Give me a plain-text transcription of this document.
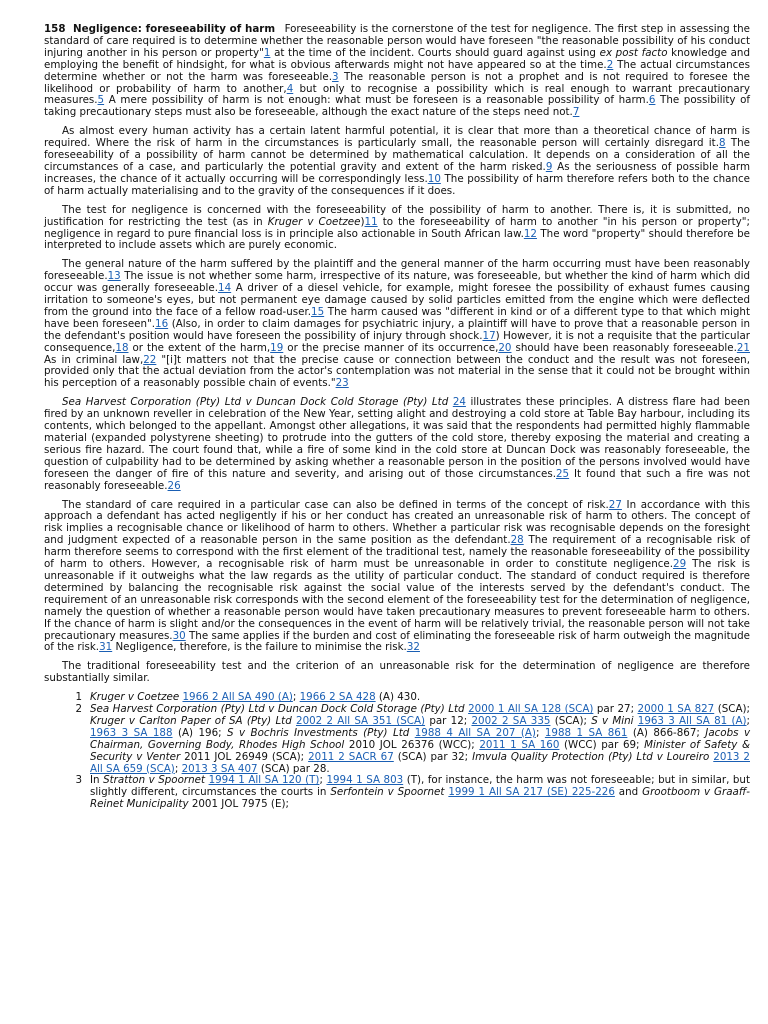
158 Negligence: foreseeability of harm Foreseeability is the cornerstone of the test for negligence. The first step in assessing the standard of care required is to determine whether the reasonable person would have foreseen "the reasonable possibility of his conduct injuring another in his person or property"1 at the time of the incident. Courts should guard against using ex post facto knowledge and employing the benefit of hindsight, for what is obvious afterwards might not have appeared so at the time.2 The actual circumstances determine whether or not the harm was foreseeable.3 The reasonable person is not a prophet and is not required to foresee the likelihood or probability of harm to another,4 but only to recognise a possibility which is real enough to warrant precautionary measures.5 A mere possibility of harm is not enough: what must be foreseen is a reasonable possibility of harm.6 The possibility of taking precautionary steps must also be foreseeable, although the exact nature of the steps need not.7

As almost every human activity has a certain latent harmful potential, it is clear that more than a theoretical chance of harm is required. Where the risk of harm in the circumstances is particularly small, the reasonable person will certainly disregard it.8 The foreseeability of a possibility of harm cannot be determined by mathematical calculation. It depends on a consideration of all the circumstances of a case, and particularly the potential gravity and extent of the harm risked.9 As the seriousness of possible harm increases, the chance of it actually occurring will be correspondingly less.10 The possibility of harm therefore refers both to the chance of harm actually materialising and to the gravity of the consequences if it does.

The test for negligence is concerned with the foreseeability of the possibility of harm to another. There is, it is submitted, no justification for restricting the test (as in Kruger v Coetzee)11 to the foreseeability of harm to another "in his person or property"; negligence in regard to pure financial loss is in principle also actionable in South African law.12 The word "property" should therefore be interpreted to include assets which are purely economic.

The general nature of the harm suffered by the plaintiff and the general manner of the harm occurring must have been reasonably foreseeable.13 The issue is not whether some harm, irrespective of its nature, was foreseeable, but whether the kind of harm which did occur was generally foreseeable.14 A driver of a diesel vehicle, for example, might foresee the possibility of exhaust fumes causing irritation to someone's eyes, but not permanent eye damage caused by solid particles emitted from the engine which were deflected from the ground into the face of a fellow road-user.15 The harm caused was "different in kind or of a different type to that which might have been foreseen".16 (Also, in order to claim damages for psychiatric injury, a plaintiff will have to prove that a reasonable person in the defendant's position would have foreseen the possibility of injury through shock.17) However, it is not a requisite that the particular consequence,18 or the extent of the harm,19 or the precise manner of its occurrence,20 should have been reasonably foreseeable.21 As in criminal law,22 "[i]t matters not that the precise cause or connection between the conduct and the result was not foreseen, provided only that the actual deviation from the actor's contemplation was not material in the sense that it could not be brought within his perception of a reasonably possible chain of events."23

Sea Harvest Corporation (Pty) Ltd v Duncan Dock Cold Storage (Pty) Ltd 24 illustrates these principles. A distress flare had been fired by an unknown reveller in celebration of the New Year, setting alight and destroying a cold store at Table Bay harbour, including its contents, which belonged to the appellant. Amongst other allegations, it was said that the respondents had permitted highly flammable material (expanded polystyrene sheeting) to protrude into the gutters of the cold store, thereby exposing the material and creating a serious fire hazard. The court found that, while a fire of some kind in the cold store at Duncan Dock was reasonably foreseeable, the question of culpability had to be determined by asking whether a reasonable person in the position of the persons involved would have foreseen the danger of fire of this nature and severity, and arising out of those circumstances.25 It found that such a fire was not reasonably foreseeable.26

The standard of care required in a particular case can also be defined in terms of the concept of risk.27 In accordance with this approach a defendant has acted negligently if his or her conduct has created an unreasonable risk of harm to others. The concept of risk implies a recognisable chance or likelihood of harm to others. Whether a particular risk was recognisable depends on the foresight and judgment expected of a reasonable person in the same position as the defendant.28 The requirement of a recognisable risk of harm therefore seems to correspond with the first element of the traditional test, namely the reasonable foreseeability of the possibility of harm to others. However, a recognisable risk of harm must be unreasonable in order to constitute negligence.29 The risk is unreasonable if it outweighs what the law regards as the utility of particular conduct. The standard of conduct required is therefore determined by balancing the recognisable risk against the social value of the interests served by the defendant's conduct. The requirement of an unreasonable risk corresponds with the second element of the foreseeability test for the determination of negligence, namely the question of whether a reasonable person would have taken precautionary measures to prevent foreseeable harm to others. If the chance of harm is slight and/or the consequences in the event of harm will be relatively trivial, the reasonable person will not take precautionary measures.30 The same applies if the burden and cost of eliminating the foreseeable risk of harm outweigh the magnitude of the risk.31 Negligence, therefore, is the failure to minimise the risk.32

The traditional foreseeability test and the criterion of an unreasonable risk for the determination of negligence are therefore substantially similar.

1 Kruger v Coetzee 1966 2 All SA 490 (A); 1966 2 SA 428 (A) 430.
2 Sea Harvest Corporation (Pty) Ltd v Duncan Dock Cold Storage (Pty) Ltd 2000 1 All SA 128 (SCA) par 27; 2000 1 SA 827 (SCA); Kruger v Carlton Paper of SA (Pty) Ltd 2002 2 All SA 351 (SCA) par 12; 2002 2 SA 335 (SCA); S v Mini 1963 3 All SA 81 (A); 1963 3 SA 188 (A) 196; S v Bochris Investments (Pty) Ltd 1988 4 All SA 207 (A); 1988 1 SA 861 (A) 866-867; Jacobs v Chairman, Governing Body, Rhodes High School 2010 JOL 26376 (WCC); 2011 1 SA 160 (WCC) par 69; Minister of Safety & Security v Venter 2011 JOL 26949 (SCA); 2011 2 SACR 67 (SCA) par 32; Imvula Quality Protection (Pty) Ltd v Loureiro 2013 2 All SA 659 (SCA); 2013 3 SA 407 (SCA) par 28.
3 In Stratton v Spoornet 1994 1 All SA 120 (T); 1994 1 SA 803 (T), for instance, the harm was not foreseeable; but in similar, but slightly different, circumstances the courts in Serfontein v Spoornet 1999 1 All SA 217 (SE) 225-226 and Grootboom v Graaff-Reinet Municipality 2001 JOL 7975 (E);
